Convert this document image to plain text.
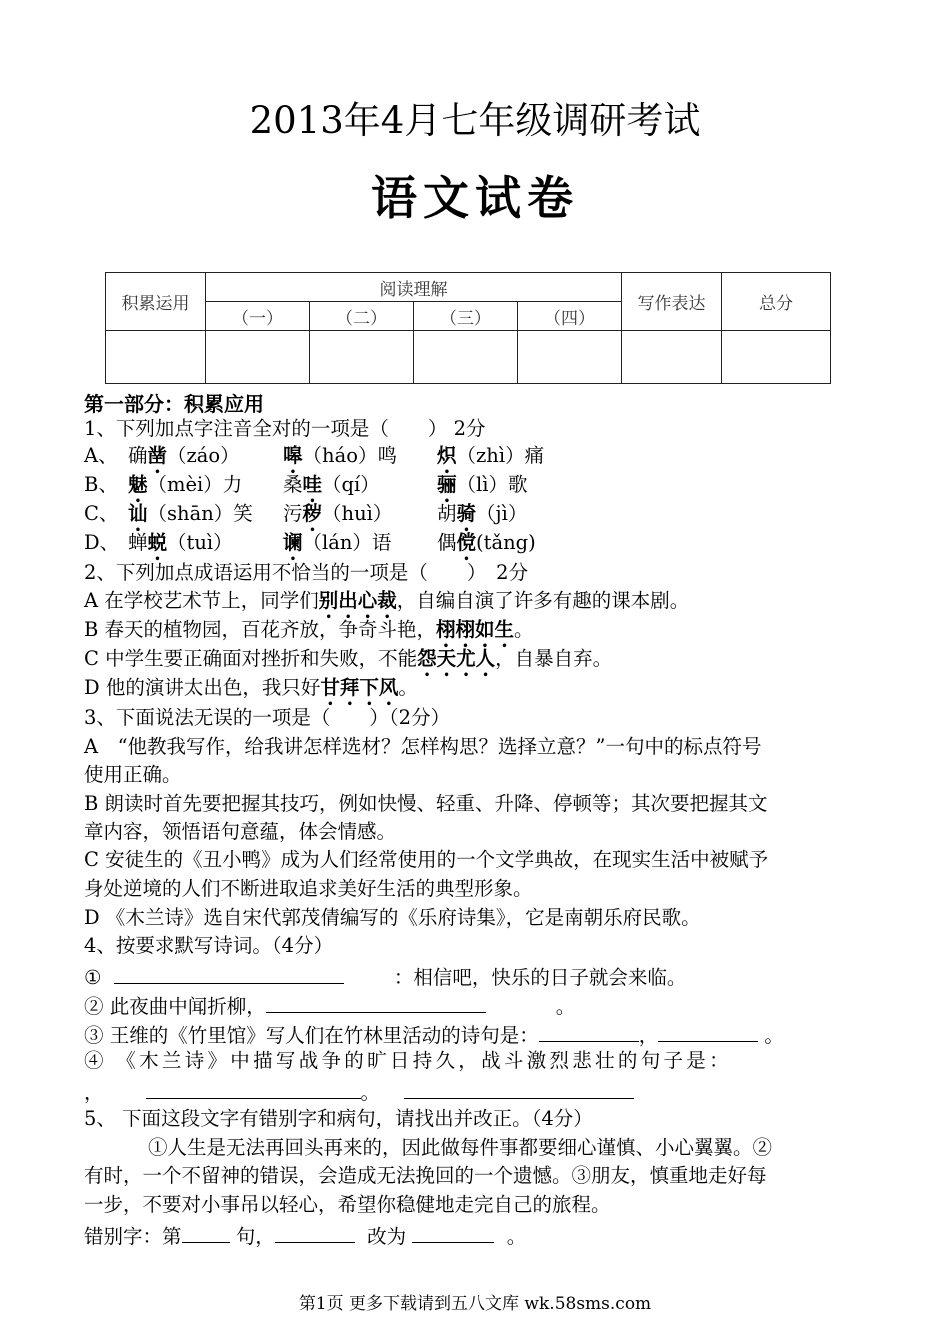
2013年4月七年级调研考试
语文试卷
积累运用	阅读理解				写作表达	总分
	（一）	（二）	（三）	（四）		

第一部分：积累应用
1、下列加点字注音全对的一项是（　　） 2分
A、 确凿（záo） 嗥（háo）鸣 炽（zhì）痛
B、 魅（mèi）力 桑哇（qí）	骊（lì）歌
C、 讪（shān）笑 污秽（huì） 胡骑（jì）
D、 蝉蜕（tuì）	谰（lán）语 偶傥(tǎng)
2、下列加点成语运用不恰当的一项是（　　）　2分
A 在学校艺术节上，同学们别出心裁，自编自演了许多有趣的课本剧。
B 春天的植物园，百花齐放，争奇斗艳，栩栩如生。
C 中学生要正确面对挫折和失败，不能怨天尤人，自暴自弃。
D 他的演讲太出色，我只好甘拜下风。
3、下面说法无误的一项是（　　）（2分）
A　“他教我写作，给我讲怎样选材？怎样构思？选择立意？”一句中的标点符号
使用正确。
B 朗读时首先要把握其技巧，例如快慢、轻重、升降、停顿等；其次要把握其文
章内容，领悟语句意蕴，体会情感。
C 安徒生的《丑小鸭》成为人们经常使用的一个文学典故，在现实生活中被赋予
身处逆境的人们不断进取追求美好生活的典型形象。
D 《木兰诗》选自宋代郭茂倩编写的《乐府诗集》，它是南朝乐府民歌。
4、按要求默写诗词。（4分）
①	：相信吧，快乐的日子就会来临。
② 此夜曲中闻折柳，	。
③ 王维的《竹里馆》写人们在竹林里活动的诗句是：	，	。
④ 《木兰诗》中描写战争的旷日持久，战斗激烈悲壮的句子是：
，	。
5、 下面这段文字有错别字和病句，请找出并改正。（4分）
①人生是无法再回头再来的，因此做每件事都要细心谨慎、小心翼翼。②
有时，一个不留神的错误，会造成无法挽回的一个遗憾。③朋友，慎重地走好每
一步，不要对小事吊以轻心，希望你稳健地走完自己的旅程。
错别字：第	句，	改为	。
第1页 更多下载请到五八文库 wk.58sms.com
